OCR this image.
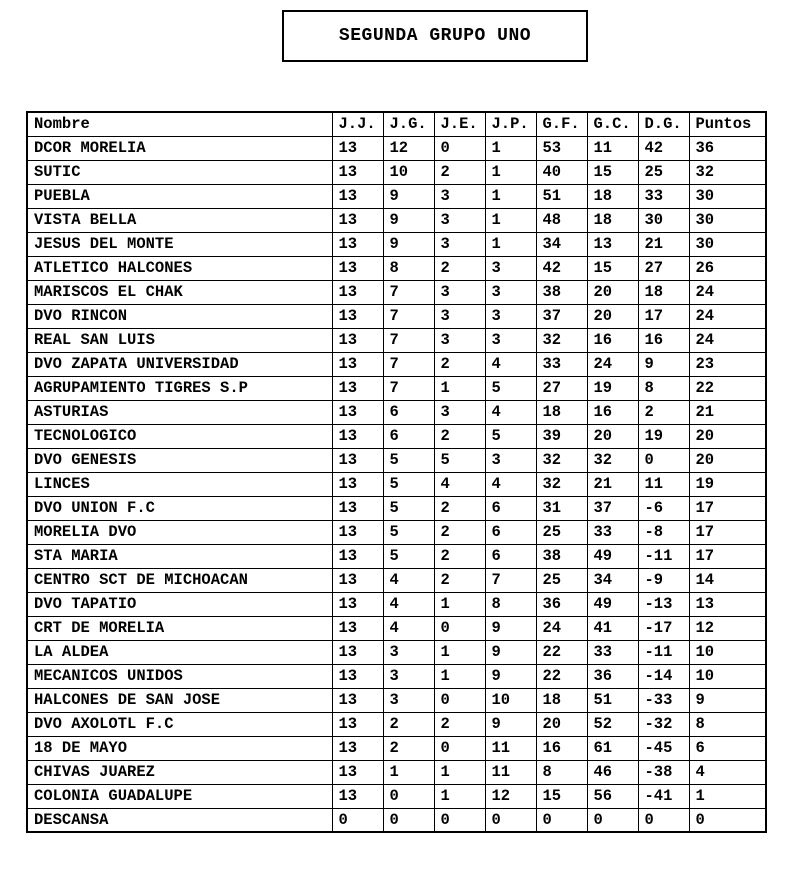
SEGUNDA GRUPO UNO
Nombre	J.J.	J.G.	J.E.	J.P.	G.F.	G.C.	D.G.	Puntos
DCOR MORELIA	13	12	0	1	53	11	42	36
SUTIC	13	10	2	1	40	15	25	32
PUEBLA	13	9	3	1	51	18	33	30
VISTA BELLA	13	9	3	1	48	18	30	30
JESUS DEL MONTE	13	9	3	1	34	13	21	30
ATLETICO HALCONES	13	8	2	3	42	15	27	26
MARISCOS EL CHAK	13	7	3	3	38	20	18	24
DVO RINCON	13	7	3	3	37	20	17	24
REAL SAN LUIS	13	7	3	3	32	16	16	24
DVO ZAPATA UNIVERSIDAD	13	7	2	4	33	24	9	23
AGRUPAMIENTO TIGRES S.P	13	7	1	5	27	19	8	22
ASTURIAS	13	6	3	4	18	16	2	21
TECNOLOGICO	13	6	2	5	39	20	19	20
DVO GENESIS	13	5	5	3	32	32	0	20
LINCES	13	5	4	4	32	21	11	19
DVO UNION F.C	13	5	2	6	31	37	-6	17
MORELIA DVO	13	5	2	6	25	33	-8	17
STA MARIA	13	5	2	6	38	49	-11	17
CENTRO SCT DE MICHOACAN	13	4	2	7	25	34	-9	14
DVO TAPATIO	13	4	1	8	36	49	-13	13
CRT DE MORELIA	13	4	0	9	24	41	-17	12
LA ALDEA	13	3	1	9	22	33	-11	10
MECANICOS UNIDOS	13	3	1	9	22	36	-14	10
HALCONES DE SAN JOSE	13	3	0	10	18	51	-33	9
DVO AXOLOTL F.C	13	2	2	9	20	52	-32	8
18 DE MAYO	13	2	0	11	16	61	-45	6
CHIVAS JUAREZ	13	1	1	11	8	46	-38	4
COLONIA GUADALUPE	13	0	1	12	15	56	-41	1
DESCANSA	0	0	0	0	0	0	0	0
